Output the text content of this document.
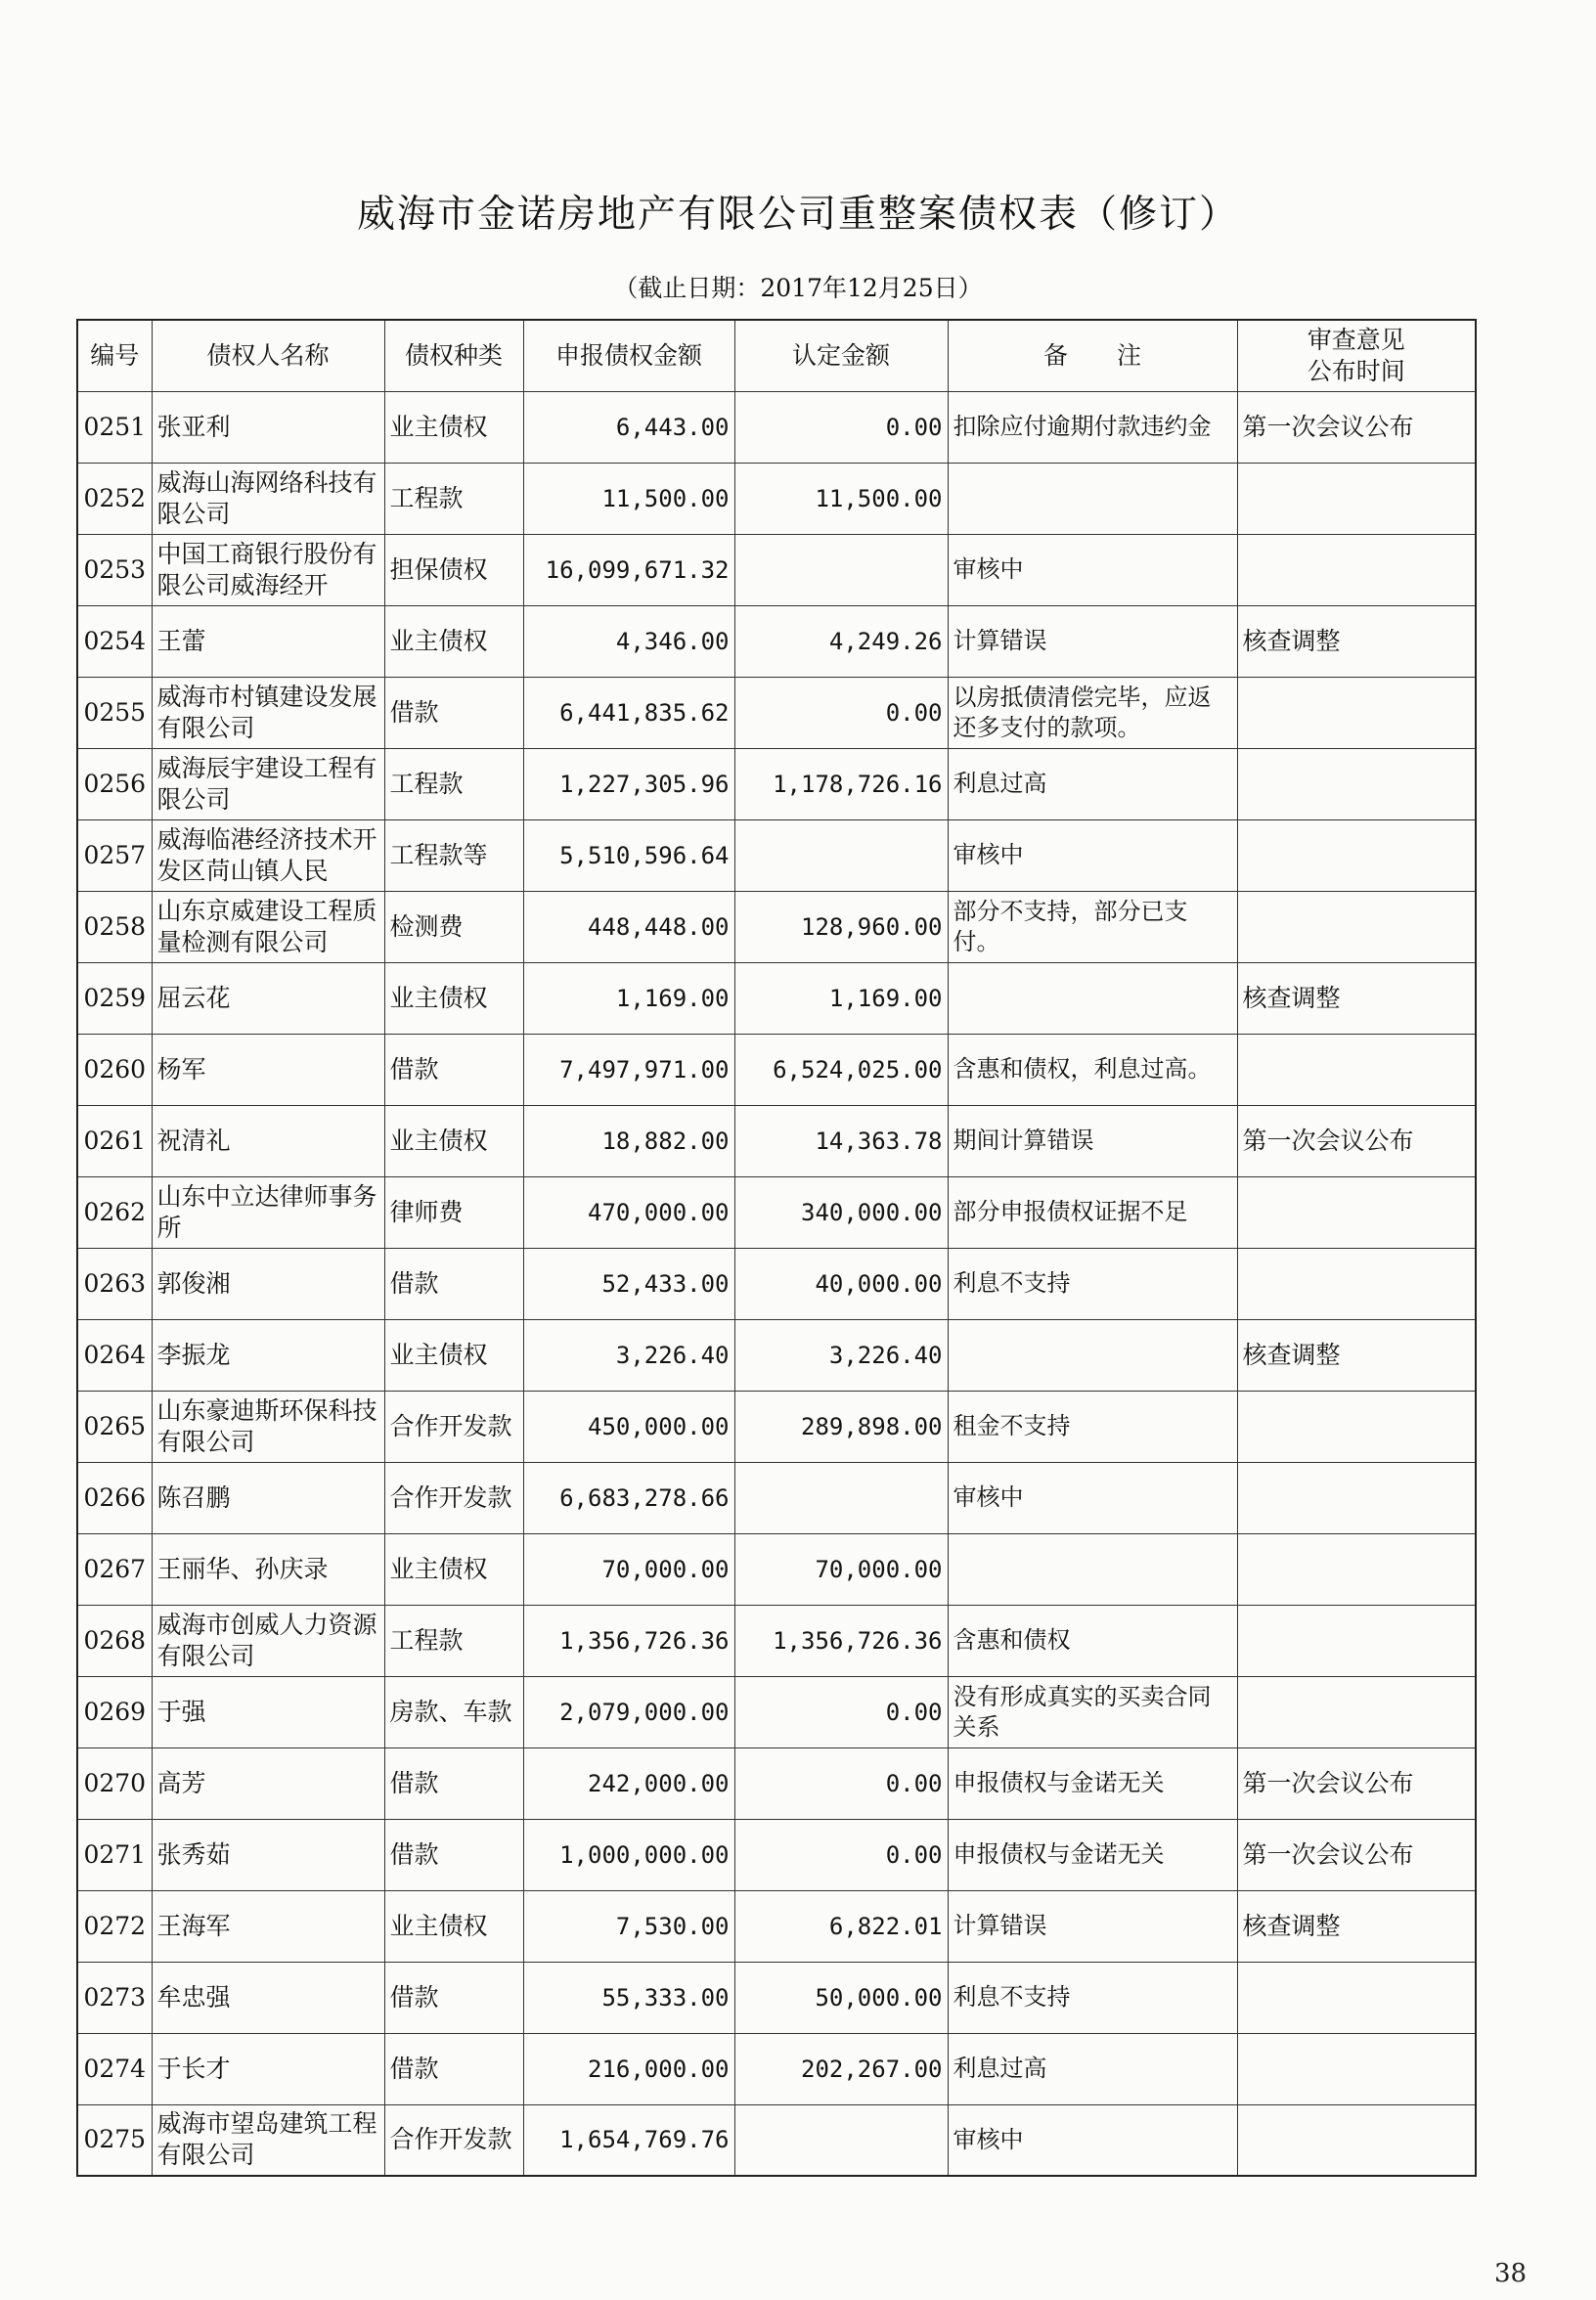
威海市金诺房地产有限公司重整案债权表（修订）
（截止日期：2017年12月25日）
编号	债权人名称	债权种类	申报债权金额	认定金额	备　　注	审查意见
公布时间
0251	张亚利	业主债权	6,443.00	0.00	扣除应付逾期付款违约金	第一次会议公布
0252	威海山海网络科技有限公司	工程款	11,500.00	11,500.00		
0253	中国工商银行股份有限公司威海经开	担保债权	16,099,671.32		审核中	
0254	王蕾	业主债权	4,346.00	4,249.26	计算错误	核查调整
0255	威海市村镇建设发展有限公司	借款	6,441,835.62	0.00	以房抵债清偿完毕，应返还多支付的款项。	
0256	威海辰宇建设工程有限公司	工程款	1,227,305.96	1,178,726.16	利息过高	
0257	威海临港经济技术开发区苘山镇人民	工程款等	5,510,596.64		审核中	
0258	山东京威建设工程质量检测有限公司	检测费	448,448.00	128,960.00	部分不支持，部分已支付。	
0259	屈云花	业主债权	1,169.00	1,169.00		核查调整
0260	杨军	借款	7,497,971.00	6,524,025.00	含惠和债权，利息过高。	
0261	祝清礼	业主债权	18,882.00	14,363.78	期间计算错误	第一次会议公布
0262	山东中立达律师事务所	律师费	470,000.00	340,000.00	部分申报债权证据不足	
0263	郭俊湘	借款	52,433.00	40,000.00	利息不支持	
0264	李振龙	业主债权	3,226.40	3,226.40		核查调整
0265	山东豪迪斯环保科技有限公司	合作开发款	450,000.00	289,898.00	租金不支持	
0266	陈召鹏	合作开发款	6,683,278.66		审核中	
0267	王丽华、孙庆录	业主债权	70,000.00	70,000.00		
0268	威海市创威人力资源有限公司	工程款	1,356,726.36	1,356,726.36	含惠和债权	
0269	于强	房款、车款	2,079,000.00	0.00	没有形成真实的买卖合同关系	
0270	高芳	借款	242,000.00	0.00	申报债权与金诺无关	第一次会议公布
0271	张秀茹	借款	1,000,000.00	0.00	申报债权与金诺无关	第一次会议公布
0272	王海军	业主债权	7,530.00	6,822.01	计算错误	核查调整
0273	牟忠强	借款	55,333.00	50,000.00	利息不支持	
0274	于长才	借款	216,000.00	202,267.00	利息过高	
0275	威海市望岛建筑工程有限公司	合作开发款	1,654,769.76		审核中	
38
